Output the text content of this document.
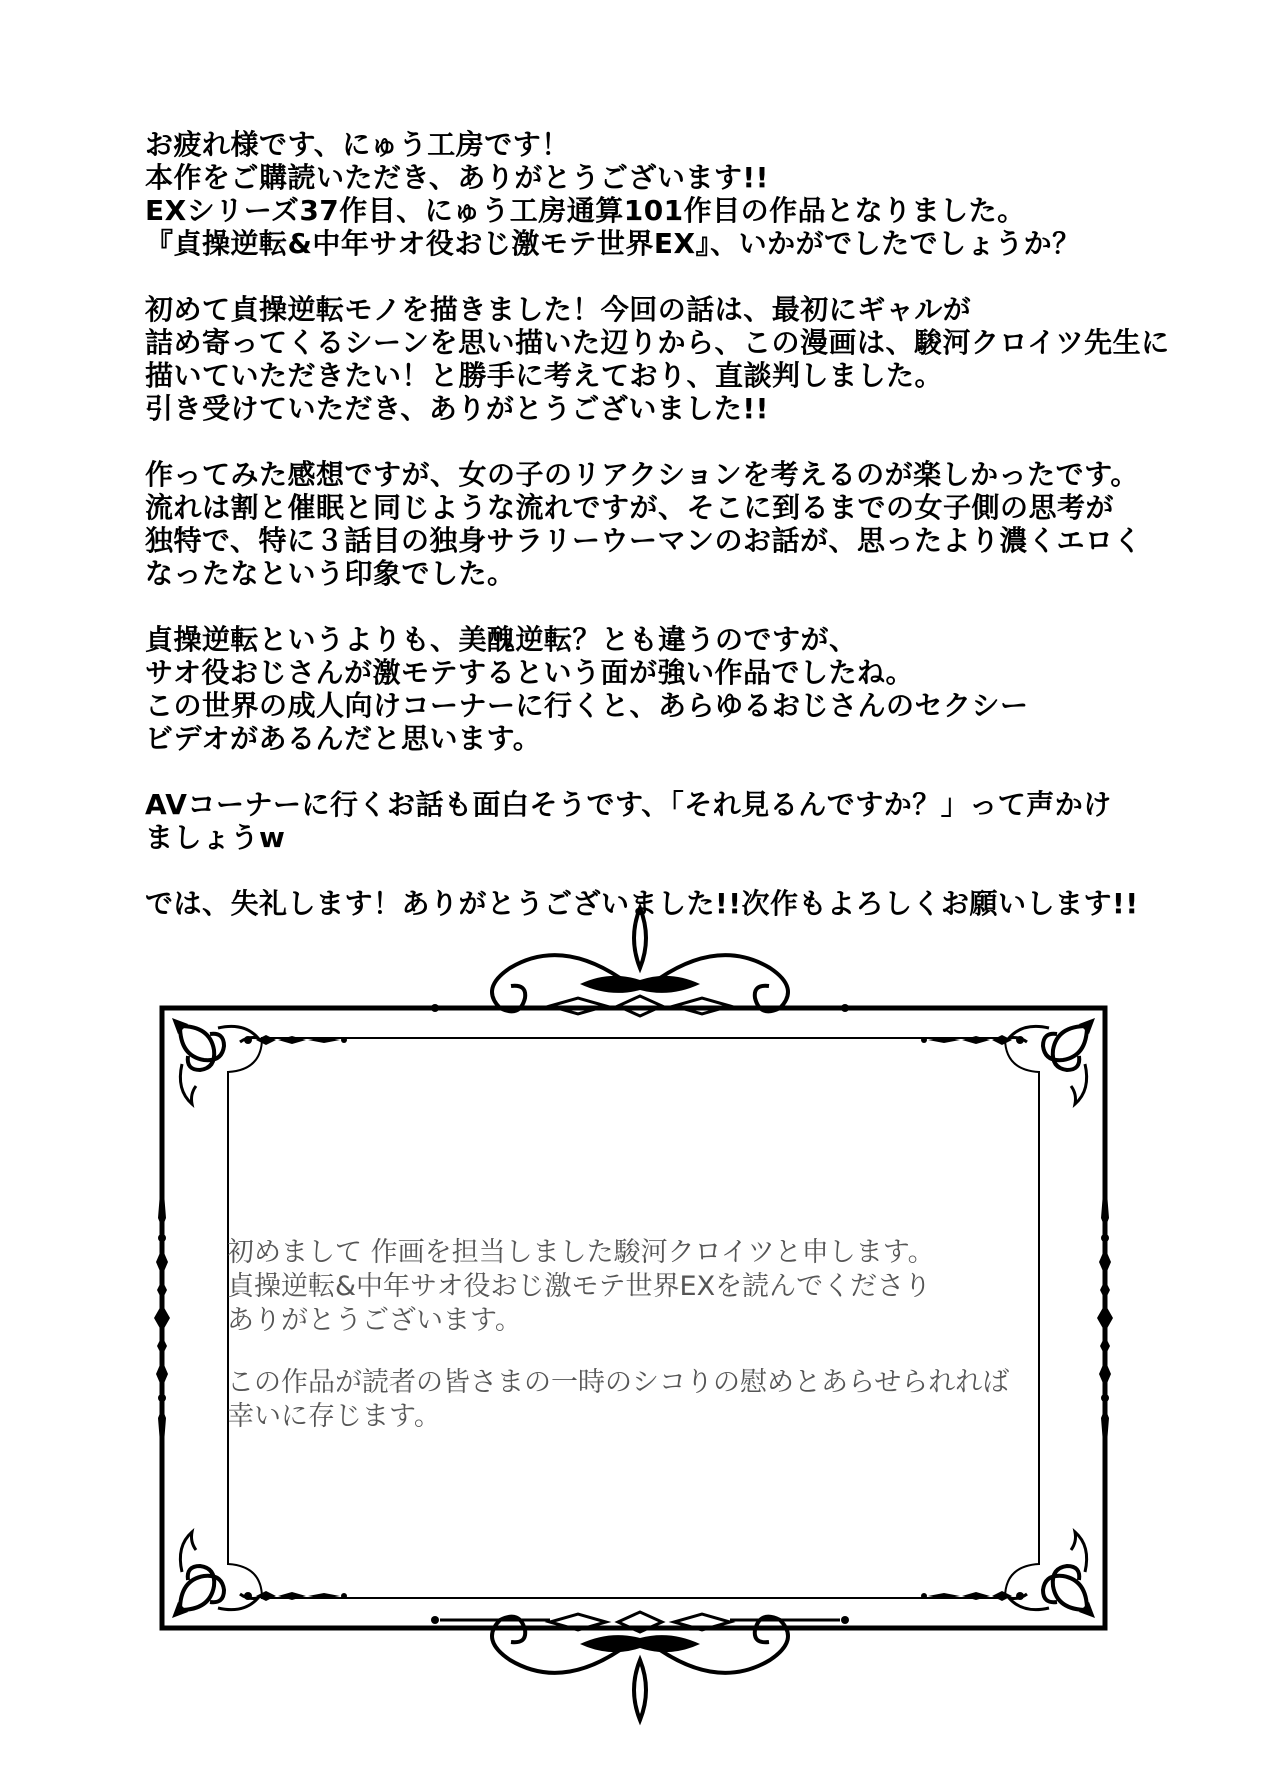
お疲れ様です、にゅう工房です！
本作をご購読いただき、ありがとうございます!!
EXシリーズ37作目、にゅう工房通算101作目の作品となりました。
『貞操逆転&中年サオ役おじ激モテ世界EX』、いかがでしたでしょうか？
初めて貞操逆転モノを描きました！今回の話は、最初にギャルが
詰め寄ってくるシーンを思い描いた辺りから、この漫画は、駿河クロイツ先生に
描いていただきたい！と勝手に考えており、直談判しました。
引き受けていただき、ありがとうございました!!
作ってみた感想ですが、女の子のリアクションを考えるのが楽しかったです。
流れは割と催眠と同じような流れですが、そこに到るまでの女子側の思考が
独特で、特に３話目の独身サラリーウーマンのお話が、思ったより濃くエロく
なったなという印象でした。
貞操逆転というよりも、美醜逆転？とも違うのですが、
サオ役おじさんが激モテするという面が強い作品でしたね。
この世界の成人向けコーナーに行くと、あらゆるおじさんのセクシー
ビデオがあるんだと思います。
AVコーナーに行くお話も面白そうです、「それ見るんですか？」って声かけ
ましょうw
では、失礼します！ありがとうございました!!次作もよろしくお願いします!!
初めまして 作画を担当しました駿河クロイツと申します。
貞操逆転&中年サオ役おじ激モテ世界EXを読んでくださり
ありがとうございます。
この作品が読者の皆さまの一時のシコりの慰めとあらせられれば
幸いに存じます。
